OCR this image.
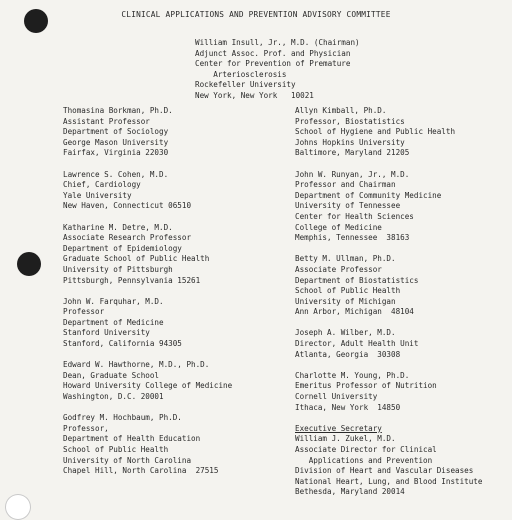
CLINICAL APPLICATIONS AND PREVENTION ADVISORY COMMITTEE
William Insull, Jr., M.D. (Chairman)
Adjunct Assoc. Prof. and Physician
Center for Prevention of Premature
Arteriosclerosis
Rockefeller University
New York, New York   10021
Thomasina Borkman, Ph.D.
Assistant Professor
Department of Sociology
George Mason University
Fairfax, Virginia 22030
Lawrence S. Cohen, M.D.
Chief, Cardiology
Yale University
New Haven, Connecticut 06510
Katharine M. Detre, M.D.
Associate Research Professor
Department of Epidemiology
Graduate School of Public Health
University of Pittsburgh
Pittsburgh, Pennsylvania 15261
John W. Farquhar, M.D.
Professor
Department of Medicine
Stanford University
Stanford, California 94305
Edward W. Hawthorne, M.D., Ph.D.
Dean, Graduate School
Howard University College of Medicine
Washington, D.C. 20001
Godfrey M. Hochbaum, Ph.D.
Professor,
Department of Health Education
School of Public Health
University of North Carolina
Chapel Hill, North Carolina  27515
Allyn Kimball, Ph.D.
Professor, Biostatistics
School of Hygiene and Public Health
Johns Hopkins University
Baltimore, Maryland 21205
John W. Runyan, Jr., M.D.
Professor and Chairman
Department of Community Medicine
University of Tennessee
Center for Health Sciences
College of Medicine
Memphis, Tennessee  38163
Betty M. Ullman, Ph.D.
Associate Professor
Department of Biostatistics
School of Public Health
University of Michigan
Ann Arbor, Michigan  48104
Joseph A. Wilber, M.D.
Director, Adult Health Unit
Atlanta, Georgia  30308
Charlotte M. Young, Ph.D.
Emeritus Professor of Nutrition
Cornell University
Ithaca, New York  14850
Executive Secretary
William J. Zukel, M.D.
Associate Director for Clinical
Applications and Prevention
Division of Heart and Vascular Diseases
National Heart, Lung, and Blood Institute
Bethesda, Maryland 20014
